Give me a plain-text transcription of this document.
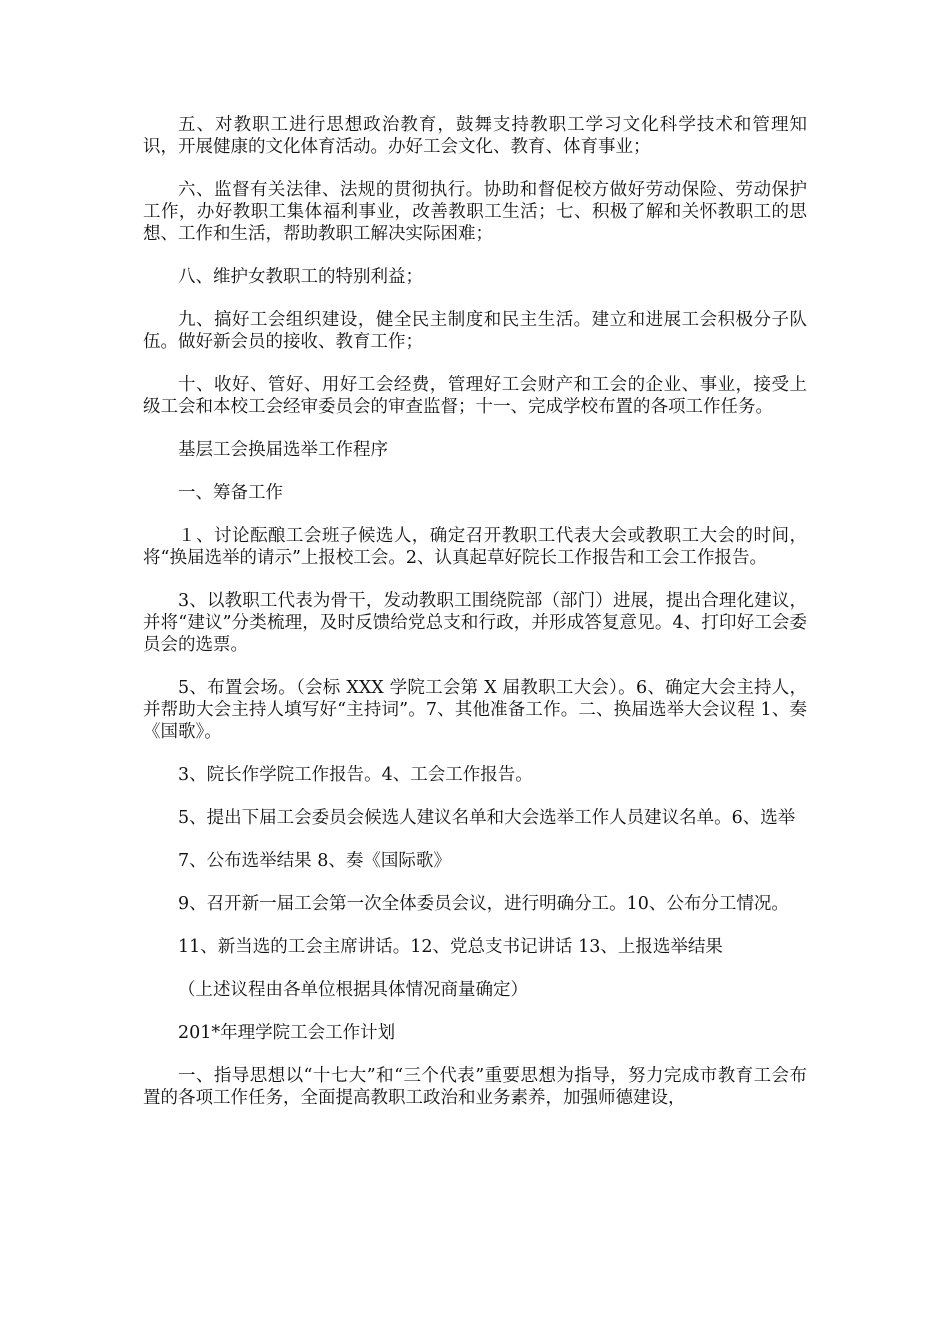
五、对教职工进行思想政治教育，鼓舞支持教职工学习文化科学技术和管理知识，开展健康的文化体育活动。办好工会文化、教育、体育事业；

六、监督有关法律、法规的贯彻执行。协助和督促校方做好劳动保险、劳动保护工作，办好教职工集体福利事业，改善教职工生活；七、积极了解和关怀教职工的思想、工作和生活，帮助教职工解决实际困难；

八、维护女教职工的特别利益；

九、搞好工会组织建设，健全民主制度和民主生活。建立和进展工会积极分子队伍。做好新会员的接收、教育工作；

十、收好、管好、用好工会经费，管理好工会财产和工会的企业、事业，接受上级工会和本校工会经审委员会的审查监督；十一、完成学校布置的各项工作任务。

基层工会换届选举工作程序

一、筹备工作

１、讨论酝酿工会班子候选人，确定召开教职工代表大会或教职工大会的时间，将“换届选举的请示”上报校工会。2、认真起草好院长工作报告和工会工作报告。

3、以教职工代表为骨干，发动教职工围绕院部（部门）进展，提出合理化建议，并将“建议”分类梳理，及时反馈给党总支和行政，并形成答复意见。4、打印好工会委员会的选票。

5、布置会场。（会标 XXX 学院工会第 X 届教职工大会）。6、确定大会主持人，并帮助大会主持人填写好“主持词”。7、其他准备工作。二、换届选举大会议程 1、奏《国歌》。

3、院长作学院工作报告。4、工会工作报告。

5、提出下届工会委员会候选人建议名单和大会选举工作人员建议名单。6、选举

7、公布选举结果 8、奏《国际歌》

9、召开新一届工会第一次全体委员会议，进行明确分工。10、公布分工情况。

11、新当选的工会主席讲话。12、党总支书记讲话 13、上报选举结果

（上述议程由各单位根据具体情况商量确定）

201*年理学院工会工作计划

一、指导思想以“十七大”和“三个代表”重要思想为指导，努力完成市教育工会布置的各项工作任务，全面提高教职工政治和业务素养，加强师德建设，
